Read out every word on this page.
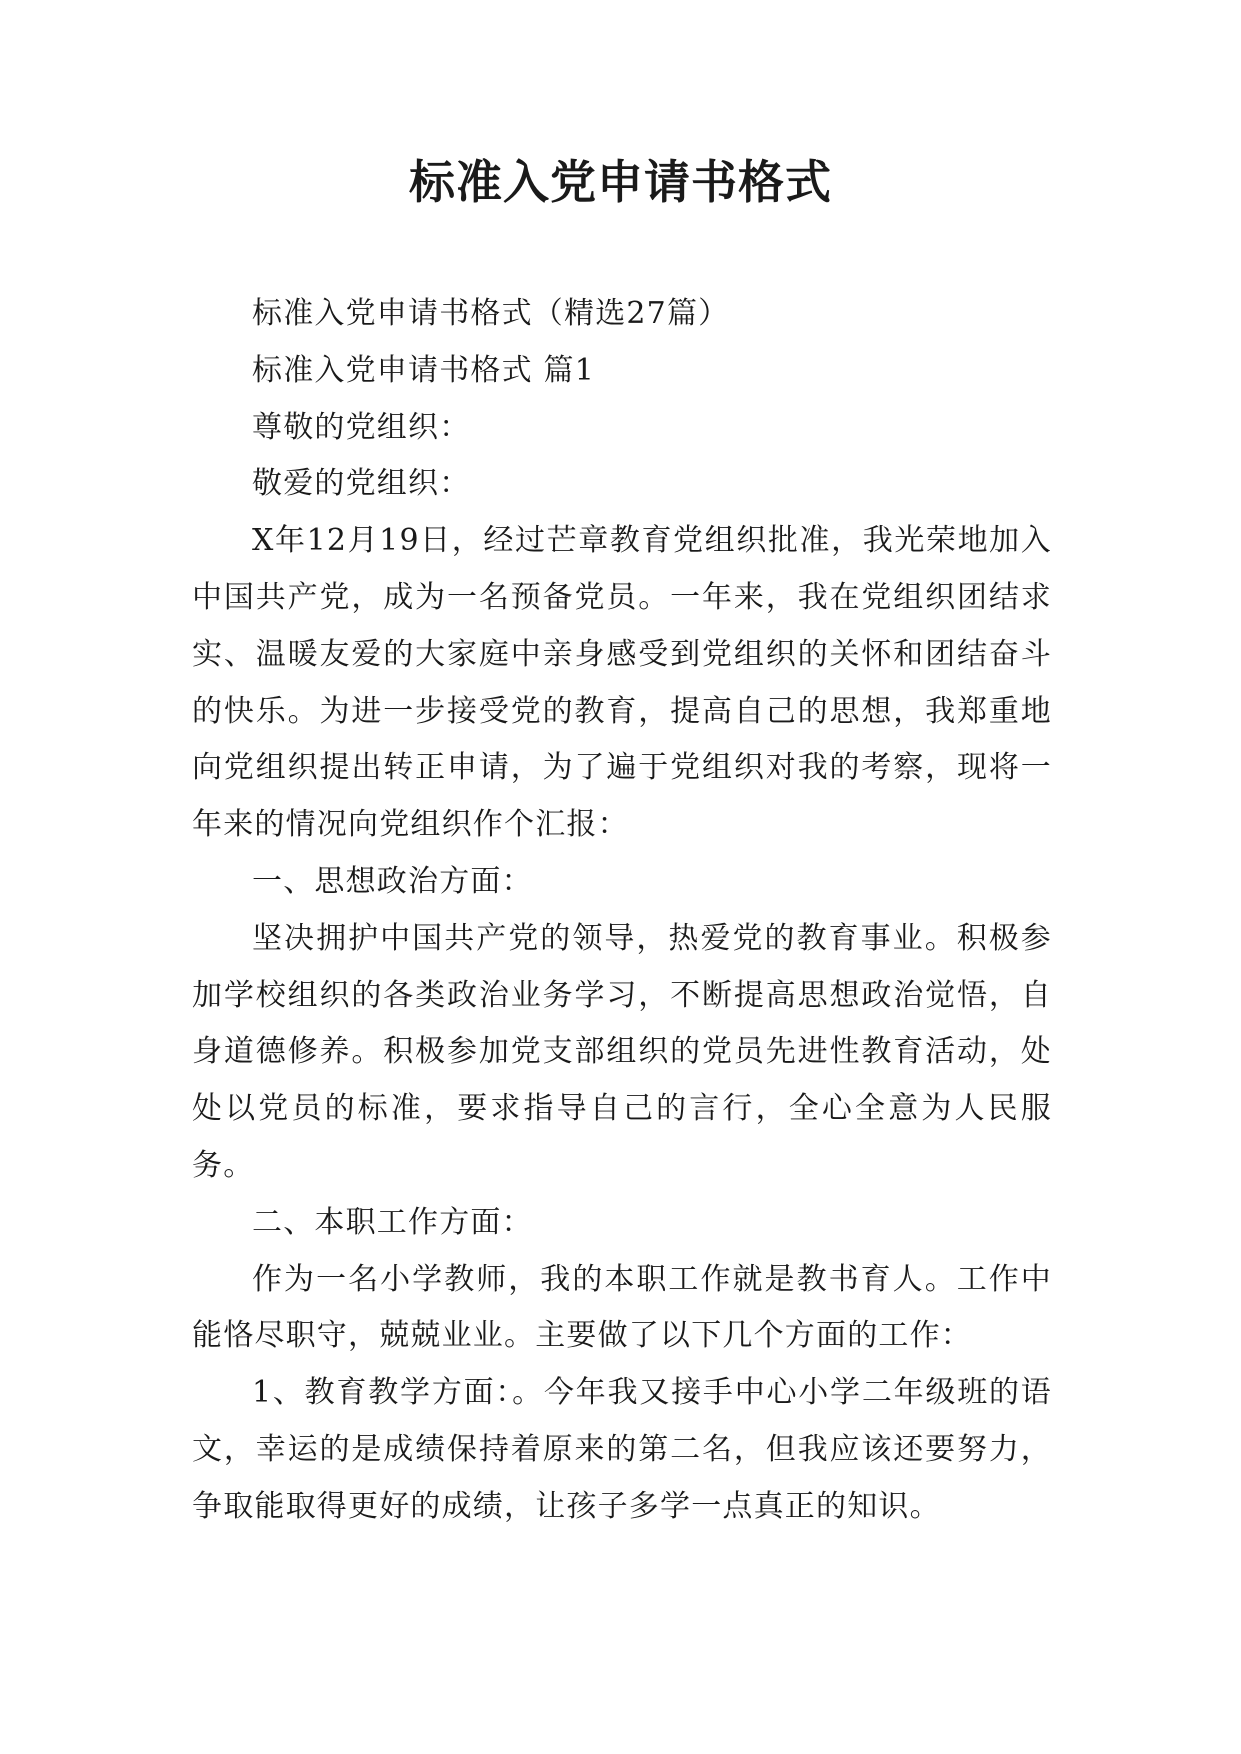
标准入党申请书格式

标准入党申请书格式（精选27篇）

标准入党申请书格式 篇1

尊敬的党组织：

敬爱的党组织：

X年12月19日，经过芒章教育党组织批准，我光荣地加入中国共产党，成为一名预备党员。一年来，我在党组织团结求实、温暖友爱的大家庭中亲身感受到党组织的关怀和团结奋斗的快乐。为进一步接受党的教育，提高自己的思想，我郑重地向党组织提出转正申请，为了遍于党组织对我的考察，现将一年来的情况向党组织作个汇报：

一、思想政治方面：

坚决拥护中国共产党的领导，热爱党的教育事业。积极参加学校组织的各类政治业务学习，不断提高思想政治觉悟，自身道德修养。积极参加党支部组织的党员先进性教育活动，处处以党员的标准，要求指导自己的言行，全心全意为人民服务。

二、本职工作方面：

作为一名小学教师，我的本职工作就是教书育人。工作中能恪尽职守，兢兢业业。主要做了以下几个方面的工作：

1、教育教学方面：。今年我又接手中心小学二年级班的语文，幸运的是成绩保持着原来的第二名，但我应该还要努力，争取能取得更好的成绩，让孩子多学一点真正的知识。
